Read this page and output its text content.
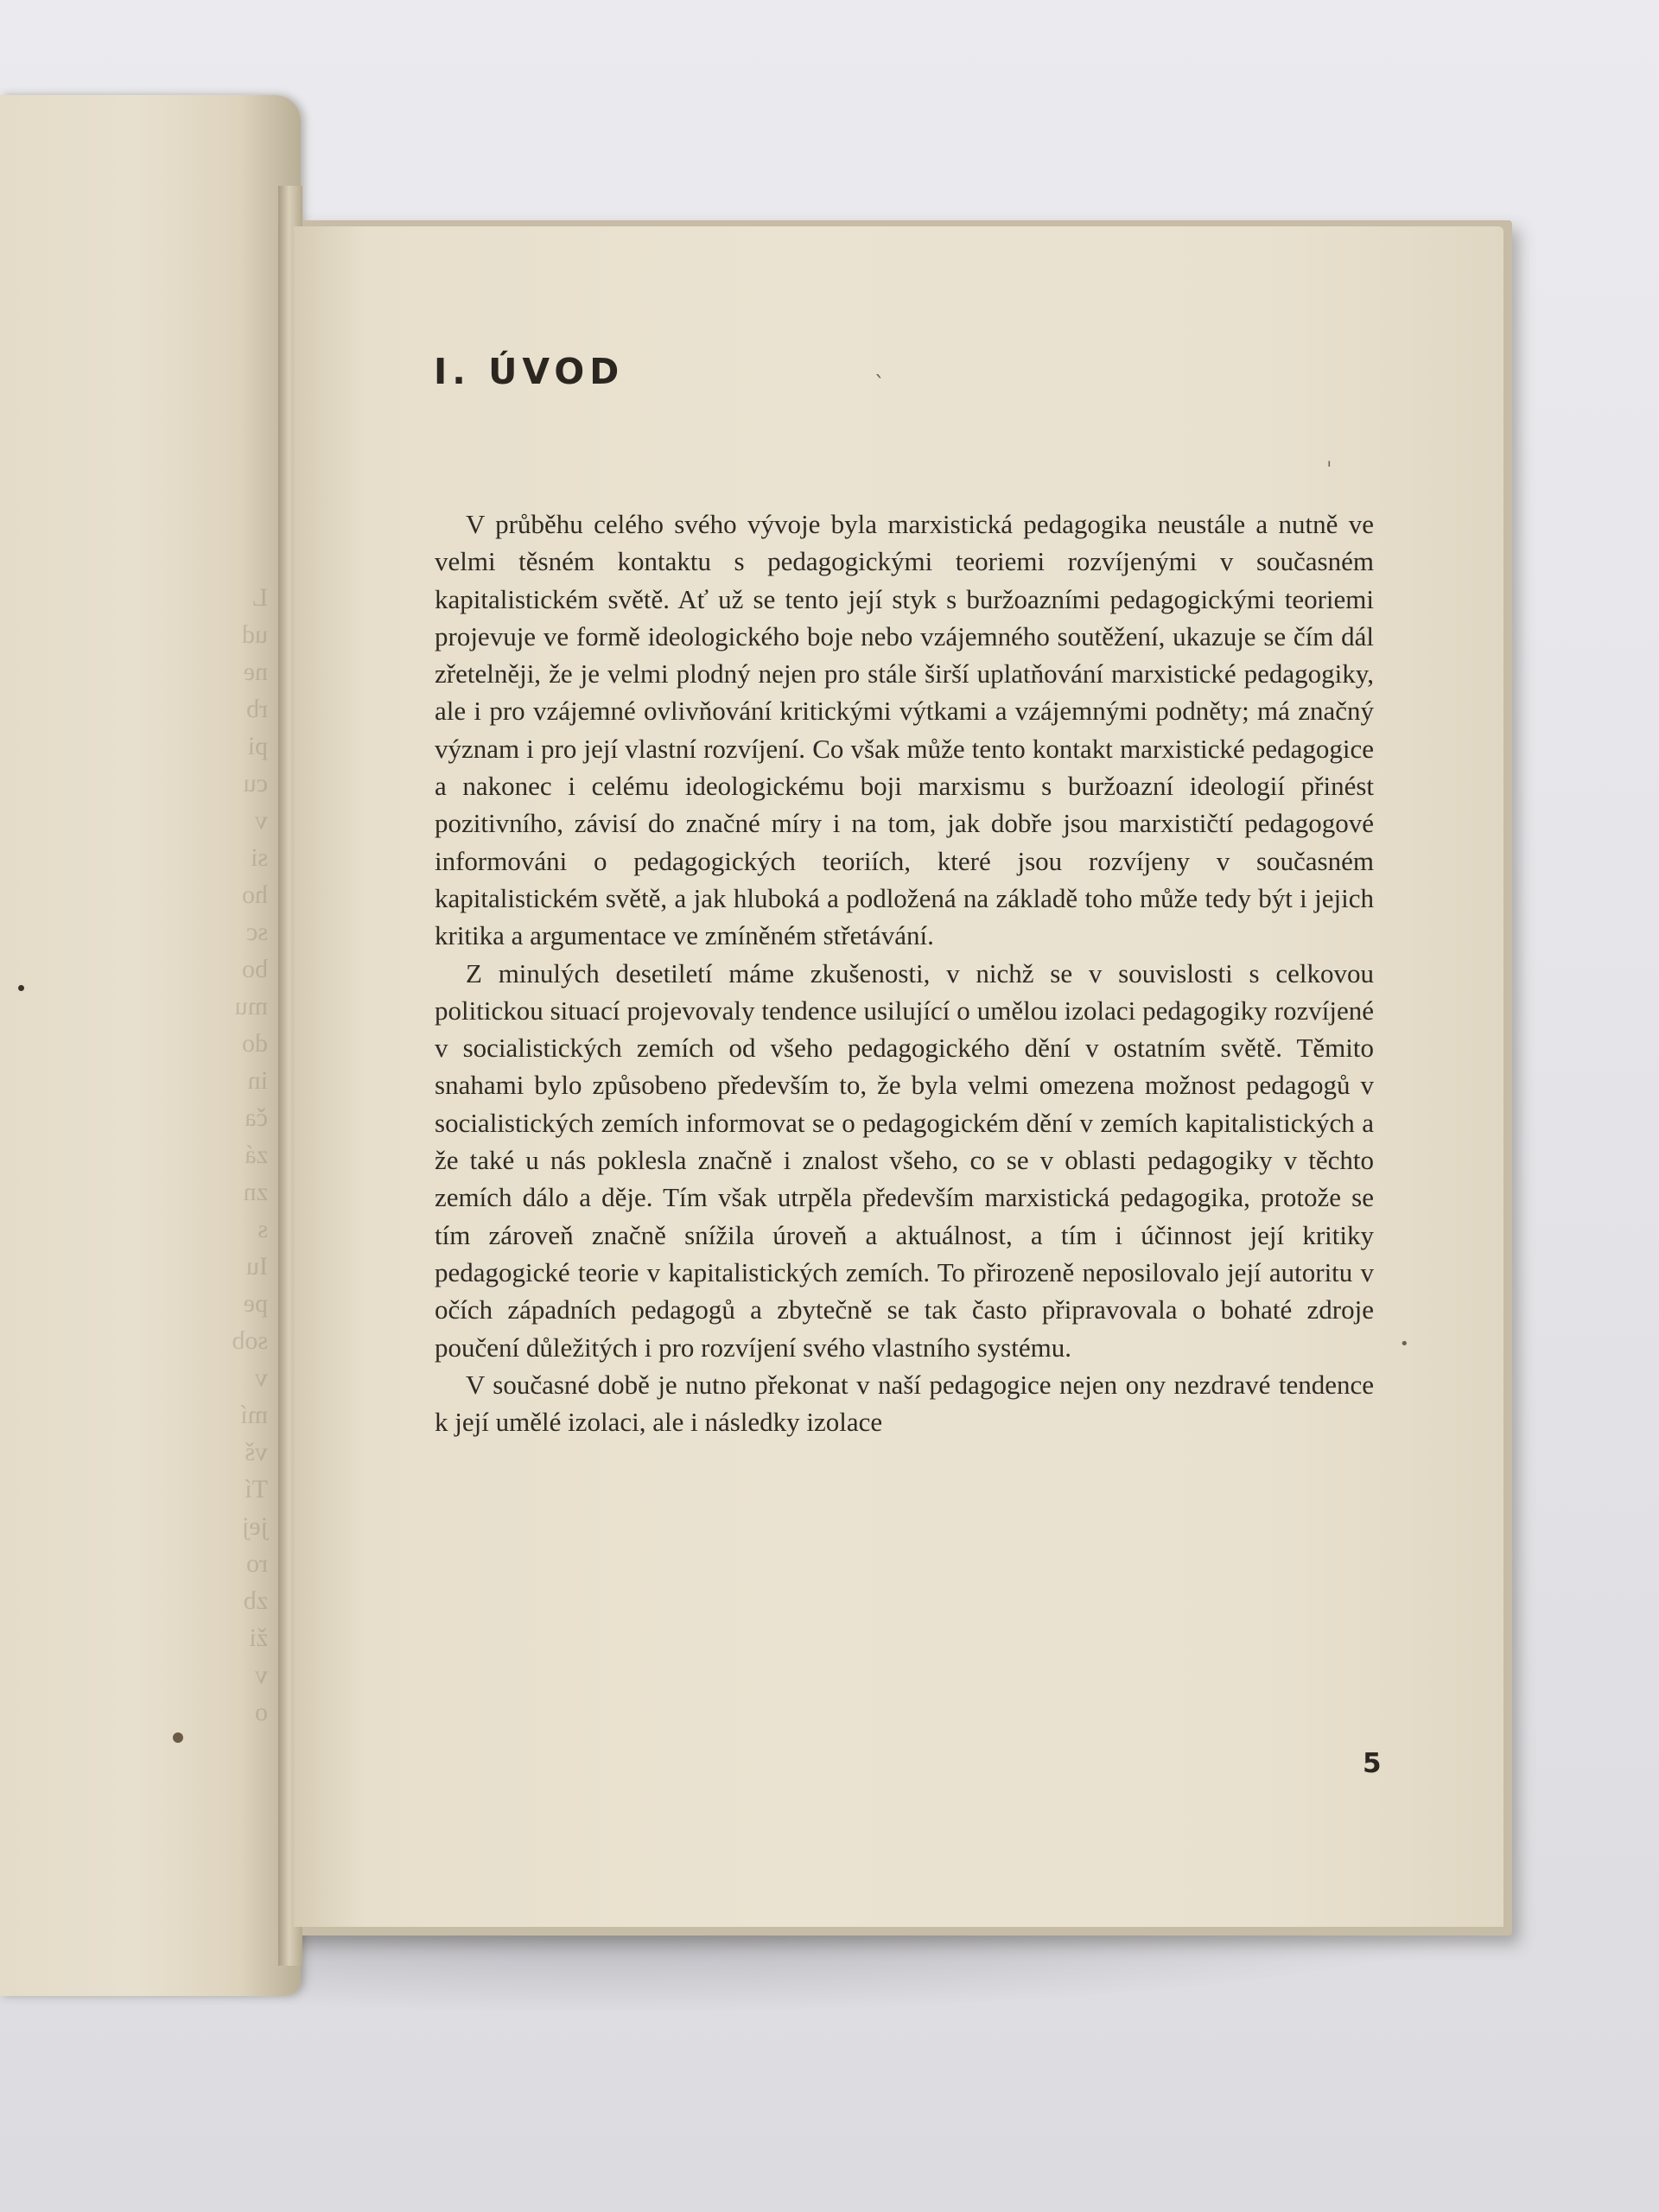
L
ud
ne
rb
pi
cu
v
si
ho
sc
bo
mu
do
in
ča
zá
zn
s
Iu
pe
sob
v
mí
vš
Tí
jej
ro
zb
ži
v
o
ˎ
ˈ
•
I. ÚVOD

V průběhu celého svého vývoje byla marxistická pedagogika neustále a nutně ve velmi těsném kontaktu s pedagogickými teoriemi rozvíjenými v současném kapitalistickém světě. Ať už se tento její styk s buržoazními pedagogickými teoriemi projevuje ve formě ideologického boje nebo vzájemného soutěžení, ukazuje se čím dál zřetelněji, že je velmi plodný nejen pro stále širší uplatňování marxistické pedagogiky, ale i pro vzájemné ovlivňování kritickými výtkami a vzájemnými podněty; má značný význam i pro její vlastní rozvíjení. Co však může tento kontakt marxistické pedagogice a nakonec i celému ideologickému boji marxismu s buržoazní ideologií přinést pozitivního, závisí do značné míry i na tom, jak dobře jsou marxističtí pedagogové informováni o pedagogických teoriích, které jsou rozvíjeny v současném kapitalistickém světě, a jak hluboká a podložená na základě toho může tedy být i jejich kritika a argumentace ve zmíněném střetávání.

Z minulých desetiletí máme zkušenosti, v nichž se v souvislosti s celkovou politickou situací projevovaly tendence usilující o umělou izolaci pedagogiky rozvíjené v socialistických zemích od všeho pedagogického dění v ostatním světě. Těmito snahami bylo způsobeno především to, že byla velmi omezena možnost pedagogů v socialistických zemích informovat se o pedagogickém dění v zemích kapitalistických a že také u nás poklesla značně i znalost všeho, co se v oblasti pedagogiky v těchto zemích dálo a děje. Tím však utrpěla především marxistická pedagogika, protože se tím zároveň značně snížila úroveň a aktuálnost, a tím i účinnost její kritiky pedagogické teorie v kapitalistických zemích. To přirozeně neposilovalo její autoritu v očích západních pedagogů a zbytečně se tak často připravovala o bohaté zdroje poučení důležitých i pro rozvíjení svého vlastního systému.

V současné době je nutno překonat v naší pedagogice nejen ony nezdravé tendence k její umělé izolaci, ale i následky izolace

5
